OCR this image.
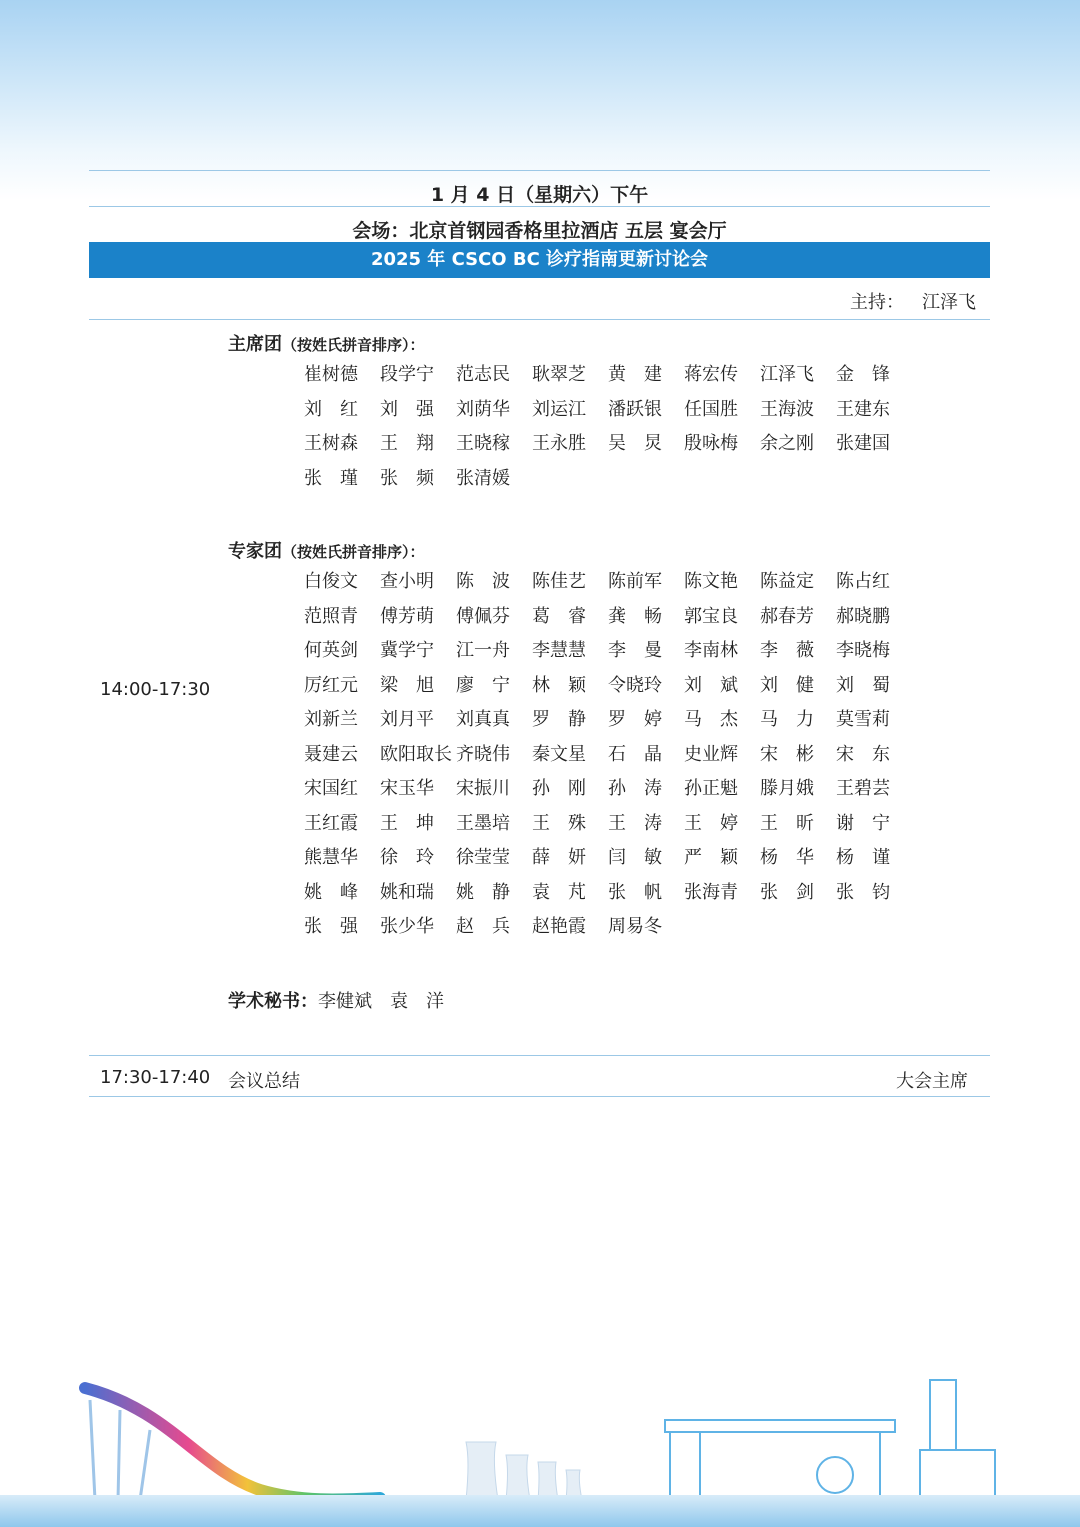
1 月 4 日（星期六）下午
会场：北京首钢园香格里拉酒店 五层 宴会厅
2025 年 CSCO BC 诊疗指南更新讨论会
主持： 江泽飞
14:00-17:30
主席团（按姓氏拼音排序）：
崔树德	段学宁	范志民	耿翠芝	黄　建	蒋宏传	江泽飞	金　锋
刘　红	刘　强	刘荫华	刘运江	潘跃银	任国胜	王海波	王建东
王树森	王　翔	王晓稼	王永胜	吴　炅	殷咏梅	余之刚	张建国
张　瑾	张　频	张清媛
专家团（按姓氏拼音排序）：
白俊文	查小明	陈　波	陈佳艺	陈前军	陈文艳	陈益定	陈占红
范照青	傅芳萌	傅佩芬	葛　睿	龚　畅	郭宝良	郝春芳	郝晓鹏
何英剑	冀学宁	江一舟	李慧慧	李　曼	李南林	李　薇	李晓梅
厉红元	梁　旭	廖　宁	林　颖	令晓玲	刘　斌	刘　健	刘　蜀
刘新兰	刘月平	刘真真	罗　静	罗　婷	马　杰	马　力	莫雪莉
聂建云	欧阳取长 齐晓伟	秦文星	石　晶	史业辉	宋　彬	宋　东
宋国红	宋玉华	宋振川	孙　刚	孙　涛	孙正魁	滕月娥	王碧芸
王红霞	王　坤	王墨培	王　殊	王　涛	王　婷	王　昕	谢　宁
熊慧华	徐　玲	徐莹莹	薛　妍	闫　敏	严　颖	杨　华	杨　谨
姚　峰	姚和瑞	姚　静	袁　芃	张　帆	张海青	张　剑	张　钧
张　强	张少华	赵　兵	赵艳霞	周易冬
学术秘书：李健斌　袁　洋
17:30-17:40 会议总结	大会主席
